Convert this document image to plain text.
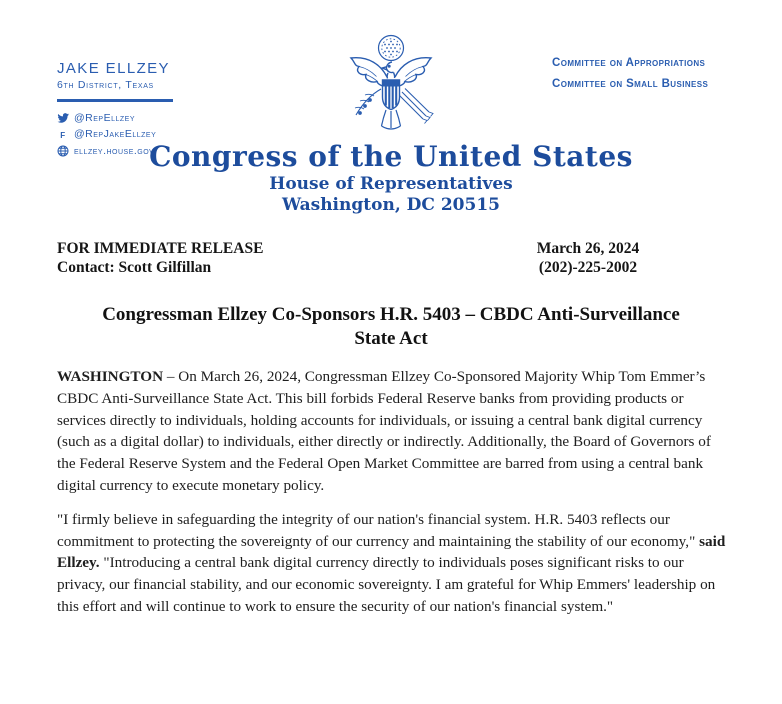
JAKE ELLZEY
6th District, Texas
@RepEllzey
f @RepJakeEllzey
ellzey.house.gov
Committee on Appropriations
Committee on Small Business
Congress of the United States
House of Representatives
Washington, DC 20515
FOR IMMEDIATE RELEASE
Contact: Scott Gilfillan
March 26, 2024
(202)-225-2002
Congressman Ellzey Co-Sponsors H.R. 5403 – CBDC Anti-Surveillance State Act

WASHINGTON – On March 26, 2024, Congressman Ellzey Co-Sponsored Majority Whip Tom Emmer’s CBDC Anti-Surveillance State Act. This bill forbids Federal Reserve banks from providing products or services directly to individuals, holding accounts for individuals, or issuing a central bank digital currency (such as a digital dollar) to individuals, either directly or indirectly. Additionally, the Board of Governors of the Federal Reserve System and the Federal Open Market Committee are barred from using a central bank digital currency to execute monetary policy.

"I firmly believe in safeguarding the integrity of our nation's financial system. H.R. 5403 reflects our commitment to protecting the sovereignty of our currency and maintaining the stability of our economy," said Ellzey. "Introducing a central bank digital currency directly to individuals poses significant risks to our privacy, our financial stability, and our economic sovereignty. I am grateful for Whip Emmers' leadership on this effort and will continue to work to ensure the security of our nation's financial system."
